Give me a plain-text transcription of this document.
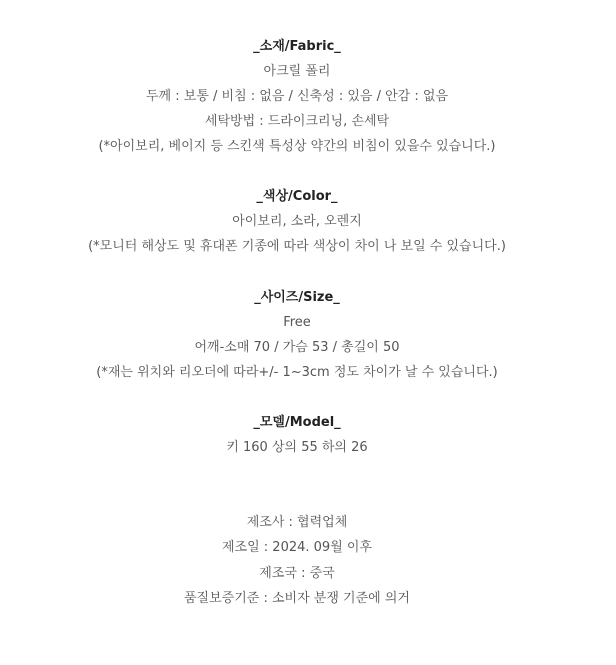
_소재/Fabric_
아크릴 폴리
두께 : 보통 / 비침 : 없음 / 신축성 : 있음 / 안감 : 없음
세탁방법 : 드라이크리닝, 손세탁
(*아이보리, 베이지 등 스킨색 특성상 약간의 비침이 있을수 있습니다.)
_색상/Color_
아이보리, 소라, 오렌지
(*모니터 해상도 및 휴대폰 기종에 따라 색상이 차이 나 보일 수 있습니다.)
_사이즈/Size_
Free
어깨-소매 70 / 가슴 53 / 총길이 50
(*재는 위치와 리오더에 따라+/- 1~3cm 정도 차이가 날 수 있습니다.)
_모델/Model_
키 160 상의 55 하의 26
제조사 : 협력업체
제조일 : 2024. 09월 이후
제조국 : 중국
품질보증기준 : 소비자 분쟁 기준에 의거
